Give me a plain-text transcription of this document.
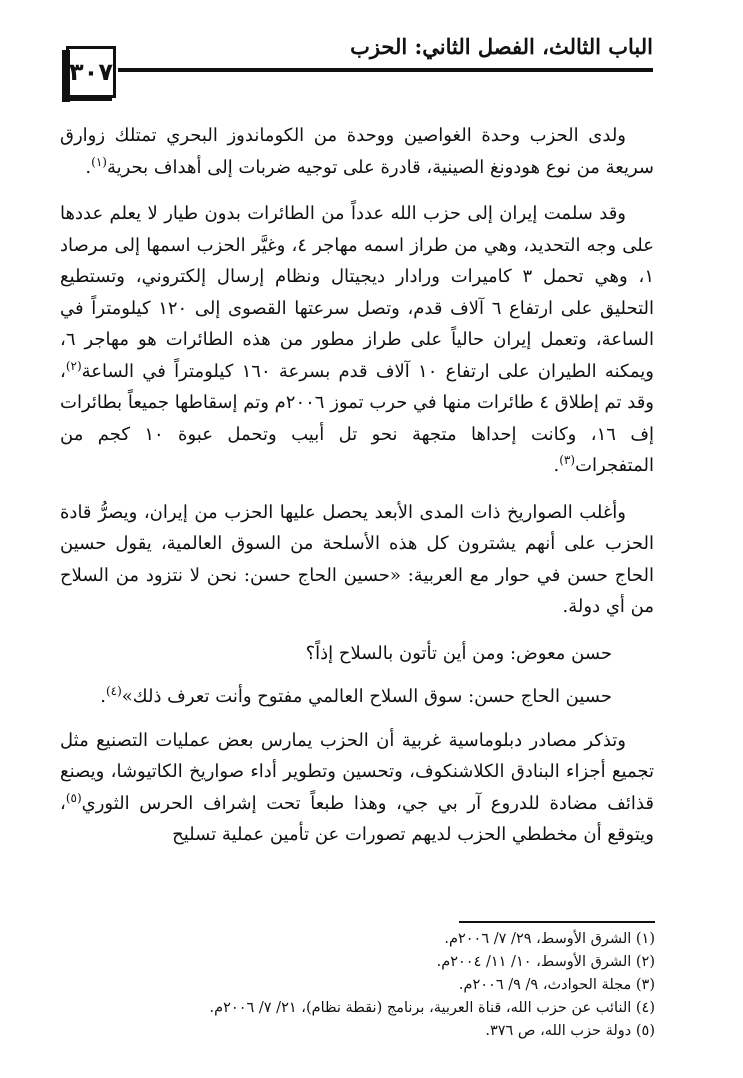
الباب الثالث، الفصل الثاني: الحزب
٣٠٧

ولدى الحزب وحدة الغواصين ووحدة من الكوماندوز البحري تمتلك زوارق سريعة من نوع هودونغ الصينية، قادرة على توجيه ضربات إلى أهداف بحرية$^{(١)}$.

وقد سلمت إيران إلى حزب الله عدداً من الطائرات بدون طيار لا يعلم عددها على وجه التحديد، وهي من طراز اسمه مهاجر ٤، وغيَّر الحزب اسمها إلى مرصاد ١، وهي تحمل ٣ كاميرات ورادار ديجيتال ونظام إرسال إلكتروني، وتستطيع التحليق على ارتفاع ٦ آلاف قدم، وتصل سرعتها القصوى إلى ١٢٠ كيلومتراً في الساعة، وتعمل إيران حالياً على طراز مطور من هذه الطائرات هو مهاجر ٦، ويمكنه الطيران على ارتفاع ١٠ آلاف قدم بسرعة ١٦٠ كيلومتراً في الساعة$^{(٢)}$، وقد تم إطلاق ٤ طائرات منها في حرب تموز ٢٠٠٦م وتم إسقاطها جميعاً بطائرات إف ١٦، وكانت إحداها متجهة نحو تل أبيب وتحمل عبوة ١٠ كجم من المتفجرات$^{(٣)}$.

وأغلب الصواريخ ذات المدى الأبعد يحصل عليها الحزب من إيران، ويصرُّ قادة الحزب على أنهم يشترون كل هذه الأسلحة من السوق العالمية، يقول حسين الحاج حسن في حوار مع العربية: «حسين الحاج حسن: نحن لا نتزود من السلاح من أي دولة.

حسن معوض: ومن أين تأتون بالسلاح إذاً؟

حسين الحاج حسن: سوق السلاح العالمي مفتوح وأنت تعرف ذلك»$^{(٤)}$.

وتذكر مصادر دبلوماسية غربية أن الحزب يمارس بعض عمليات التصنيع مثل تجميع أجزاء البنادق الكلاشنكوف، وتحسين وتطوير أداء صواريخ الكاتيوشا، ويصنع قذائف مضادة للدروع آر بي جي، وهذا طبعاً تحت إشراف الحرس الثوري$^{(٥)}$، ويتوقع أن مخططي الحزب لديهم تصورات عن تأمين عملية تسليح

(١) الشرق الأوسط، ٢٩/ ٧/ ٢٠٠٦م.

(٢) الشرق الأوسط، ١٠/ ١١/ ٢٠٠٤م.

(٣) مجلة الحوادث، ٩/ ٩/ ٢٠٠٦م.

(٤) النائب عن حزب الله، قناة العربية، برنامج (نقطة نظام)، ٢١/ ٧/ ٢٠٠٦م.

(٥) دولة حزب الله، ص ٣٧٦.
